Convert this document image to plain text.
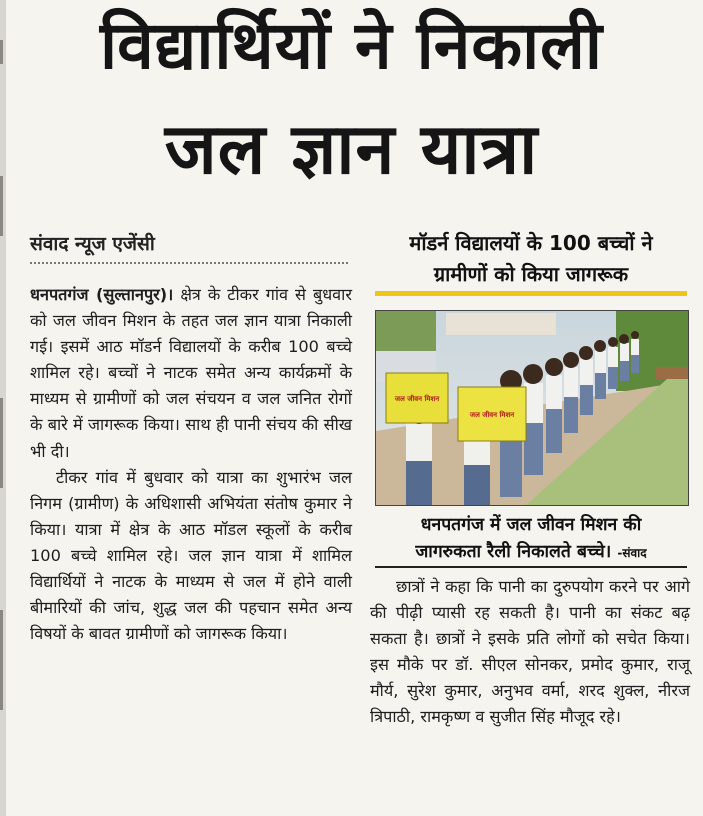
विद्यार्थियों ने निकाली
जल ज्ञान यात्रा
संवाद न्यूज एजेंसी

धनपतगंज (सुल्तानपुर)। क्षेत्र के टीकर गांव से बुधवार को जल जीवन मिशन के तहत जल ज्ञान यात्रा निकाली गई। इसमें आठ मॉडर्न विद्यालयों के करीब 100 बच्चे शामिल रहे। बच्चों ने नाटक समेत अन्य कार्यक्रमों के माध्यम से ग्रामीणों को जल संचयन व जल जनित रोगों के बारे में जागरूक किया। साथ ही पानी संचय की सीख भी दी।

टीकर गांव में बुधवार को यात्रा का शुभारंभ जल निगम (ग्रामीण) के अधिशासी अभियंता संतोष कुमार ने किया। यात्रा में क्षेत्र के आठ मॉडल स्कूलों के करीब 100 बच्चे शामिल रहे। जल ज्ञान यात्रा में शामिल विद्यार्थियों ने नाटक के माध्यम से जल में होने वाली बीमारियों की जांच, शुद्ध जल की पहचान समेत अन्य विषयों के बावत ग्रामीणों को जागरूक किया।

मॉडर्न विद्यालयों के 100 बच्चों ने
ग्रामीणों को किया जागरूक
जल जीवन मिशन
जल जीवन मिशन
धनपतगंज में जल जीवन मिशन की
जागरुकता रैली निकालते बच्चे। -संवाद

छात्रों ने कहा कि पानी का दुरुपयोग करने पर आगे की पीढ़ी प्यासी रह सकती है। पानी का संकट बढ़ सकता है। छात्रों ने इसके प्रति लोगों को सचेत किया। इस मौके पर डॉ. सीएल सोनकर, प्रमोद कुमार, राजू मौर्य, सुरेश कुमार, अनुभव वर्मा, शरद शुक्ल, नीरज त्रिपाठी, रामकृष्ण व सुजीत सिंह मौजूद रहे।
